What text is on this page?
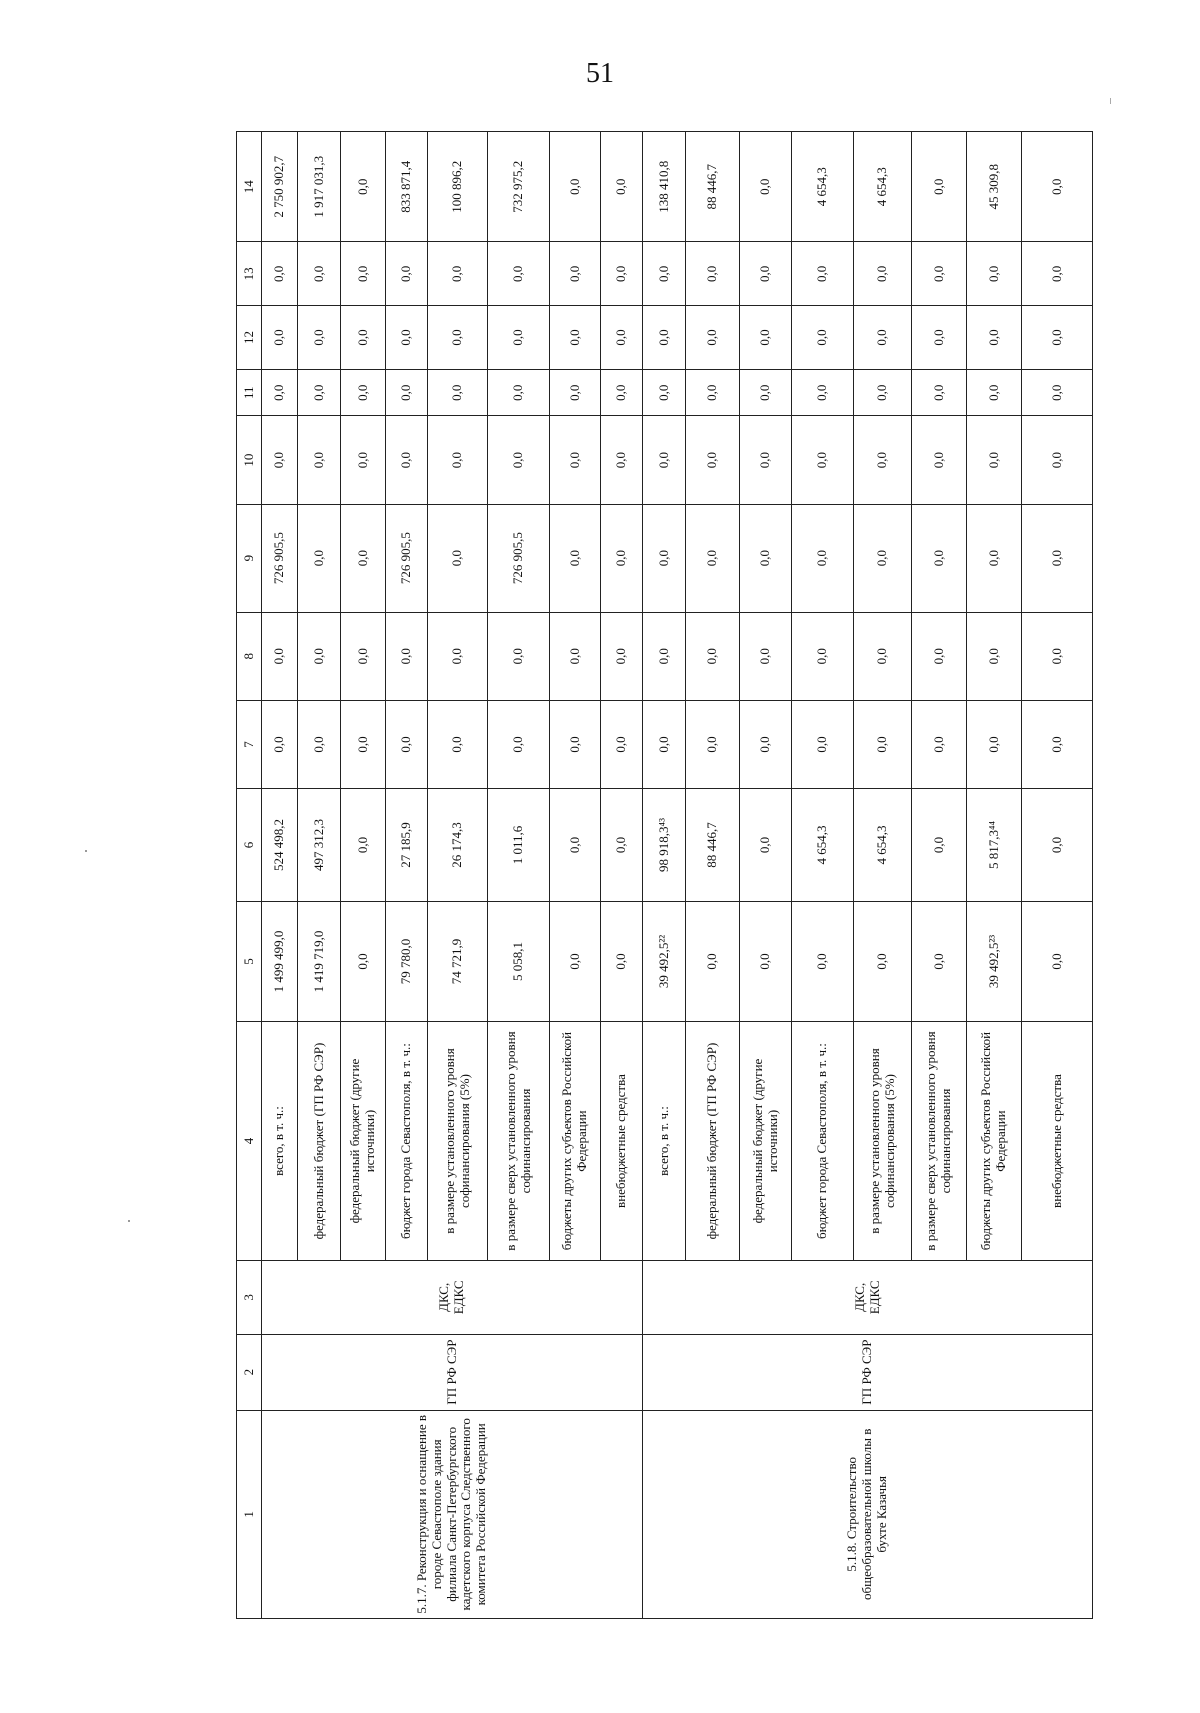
51
1	2	3	4	5	6	7	8	9	10	11	12	13	14
5.1.7. Реконструкция и оснащение в городе Севастополе здания филиала Санкт-Петербургского кадетского корпуса Следственного комитета Российской Федерации	ГП РФ СЭР	ДКС, ЕДКС	всего, в т. ч.:	1 499 499,0	524 498,2	0,0	0,0	726 905,5	0,0	0,0	0,0	0,0	2 750 902,7
			федеральный бюджет (ГП РФ СЭР)	1 419 719,0	497 312,3	0,0	0,0	0,0	0,0	0,0	0,0	0,0	1 917 031,3
			федеральный бюджет (другие источники)	0,0	0,0	0,0	0,0	0,0	0,0	0,0	0,0	0,0	0,0
			бюджет города Севастополя, в т. ч.:	79 780,0	27 185,9	0,0	0,0	726 905,5	0,0	0,0	0,0	0,0	833 871,4
			в размере установленного уровня софинансирования (5%)	74 721,9	26 174,3	0,0	0,0	0,0	0,0	0,0	0,0	0,0	100 896,2
			в размере сверх установленного уровня софинансирования	5 058,1	1 011,6	0,0	0,0	726 905,5	0,0	0,0	0,0	0,0	732 975,2
			бюджеты других субъектов Российской Федерации	0,0	0,0	0,0	0,0	0,0	0,0	0,0	0,0	0,0	0,0
			внебюджетные средства	0,0	0,0	0,0	0,0	0,0	0,0	0,0	0,0	0,0	0,0
5.1.8. Строительство общеобразовательной школы в бухте Казачья	ГП РФ СЭР	ДКС, ЕДКС	всего, в т. ч.:	39 492,5²²	98 918,3⁴³	0,0	0,0	0,0	0,0	0,0	0,0	0,0	138 410,8
			федеральный бюджет (ГП РФ СЭР)	0,0	88 446,7	0,0	0,0	0,0	0,0	0,0	0,0	0,0	88 446,7
			федеральный бюджет (другие источники)	0,0	0,0	0,0	0,0	0,0	0,0	0,0	0,0	0,0	0,0
			бюджет города Севастополя, в т. ч.:	0,0	4 654,3	0,0	0,0	0,0	0,0	0,0	0,0	0,0	4 654,3
			в размере установленного уровня софинансирования (5%)	0,0	4 654,3	0,0	0,0	0,0	0,0	0,0	0,0	0,0	4 654,3
			в размере сверх установленного уровня софинансирования	0,0	0,0	0,0	0,0	0,0	0,0	0,0	0,0	0,0	0,0
			бюджеты других субъектов Российской Федерации	39 492,5²³	5 817,3⁴⁴	0,0	0,0	0,0	0,0	0,0	0,0	0,0	45 309,8
			внебюджетные средства	0,0	0,0	0,0	0,0	0,0	0,0	0,0	0,0	0,0	0,0
